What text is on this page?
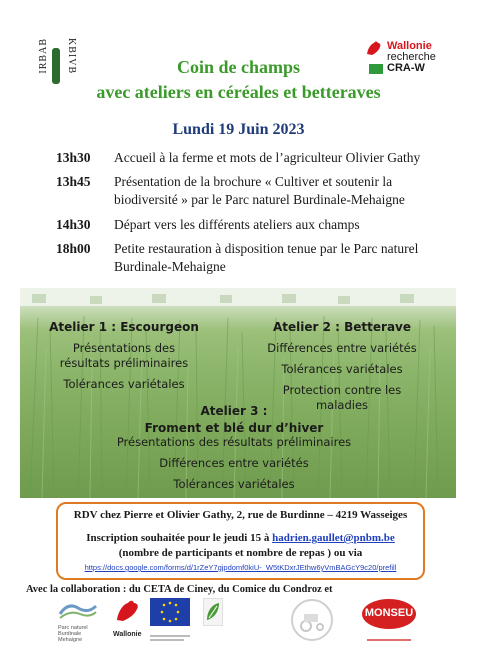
IRBAB KBIVB	Wallonie
recherche
CRA-W
Coin de champs
avec ateliers en céréales et betteraves
Lundi 19 Juin 2023
13h30 Accueil à la ferme et mots de l’agriculteur Olivier Gathy
13h45 Présentation de la brochure « Cultiver et soutenir la biodiversité » par le Parc naturel Burdinale-Mehaigne
14h30 Départ vers les différents ateliers aux champs
18h00 Petite restauration à disposition tenue par le Parc naturel Burdinale-Mehaigne
Atelier 1 : Escourgeon
Présentations des
résultats préliminaires
Tolérances variétales
Atelier 2 : Betterave
Différences entre variétés
Tolérances variétales
Protection contre les
maladies
Atelier 3 :
Froment et blé dur d’hiver
Présentations des résultats préliminaires
Différences entre variétés
Tolérances variétales
RDV chez Pierre et Olivier Gathy, 2, rue de Burdinne – 4219 Wasseiges
Inscription souhaitée pour le jeudi 15 à hadrien.gaullet@pnbm.be
(nombre de participants et nombre de repas ) ou via
https://docs.google.com/forms/d/1rZeY7gjpdomf0kiU-_W5tKDxrJEthw6yVmBAGcY9c20/prefill
Avec la collaboration : du CETA de Ciney, du Comice du Condroz et
Parc naturel
Burdinale
Mehaigne
Wallonie
MONSEU
